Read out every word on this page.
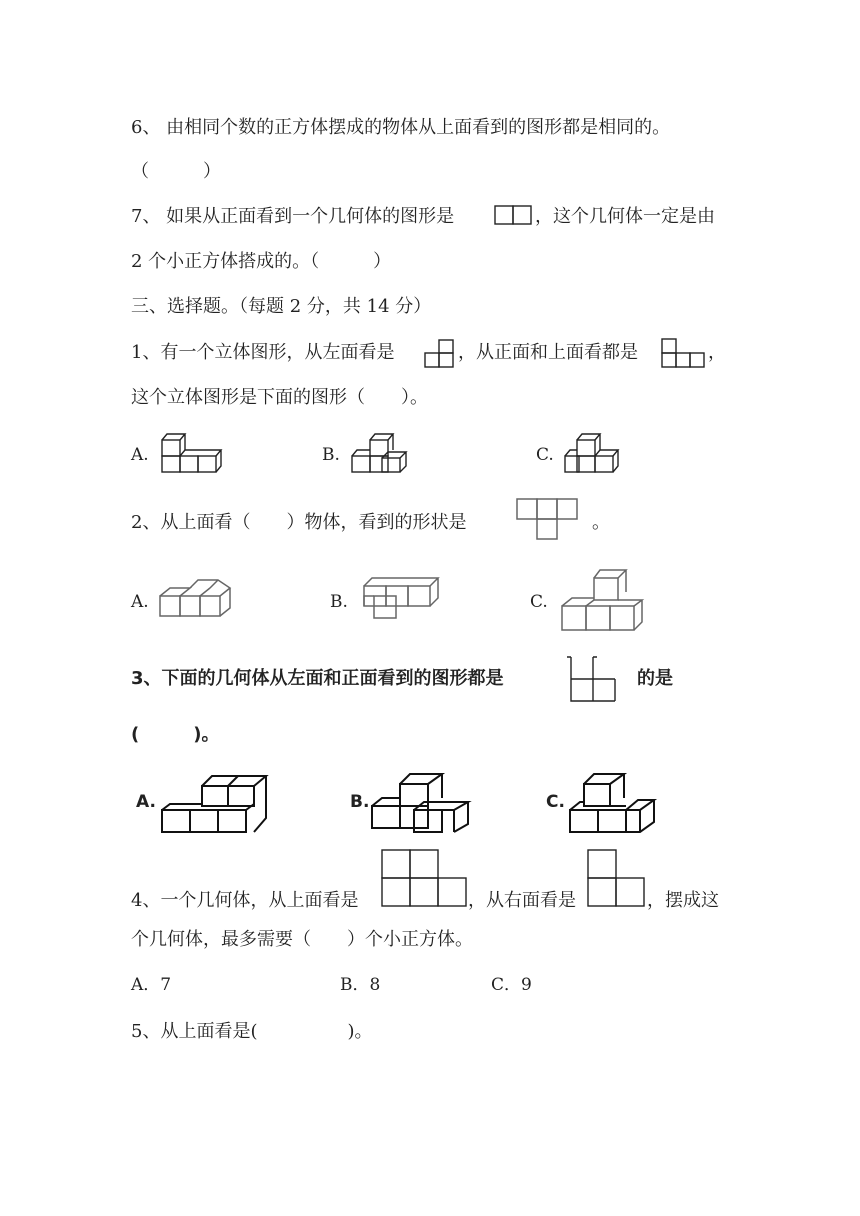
6、 由相同个数的正方体摆成的物体从上面看到的图形都是相同的。
（　　　）
7、 如果从正面看到一个几何体的图形是	，这个几何体一定是由
2 个小正方体搭成的。（　　　）
三、选择题。（每题 2 分，共 14 分）
1、有一个立体图形，从左面看是	，从正面和上面看都是	，
这个立体图形是下面的图形（　　）。
A.	B.	C.
2、从上面看（　　）物体，看到的形状是	。
A.	B.	C.
3、下面的几何体从左面和正面看到的图形都是	的是
(　　　)。
A.	B.	C.
4、一个几何体，从上面看是	，从右面看是	，摆成这
个几何体，最多需要（　　）个小正方体。
A．7	B．8	C．9
5、从上面看是(　　　　　)。
